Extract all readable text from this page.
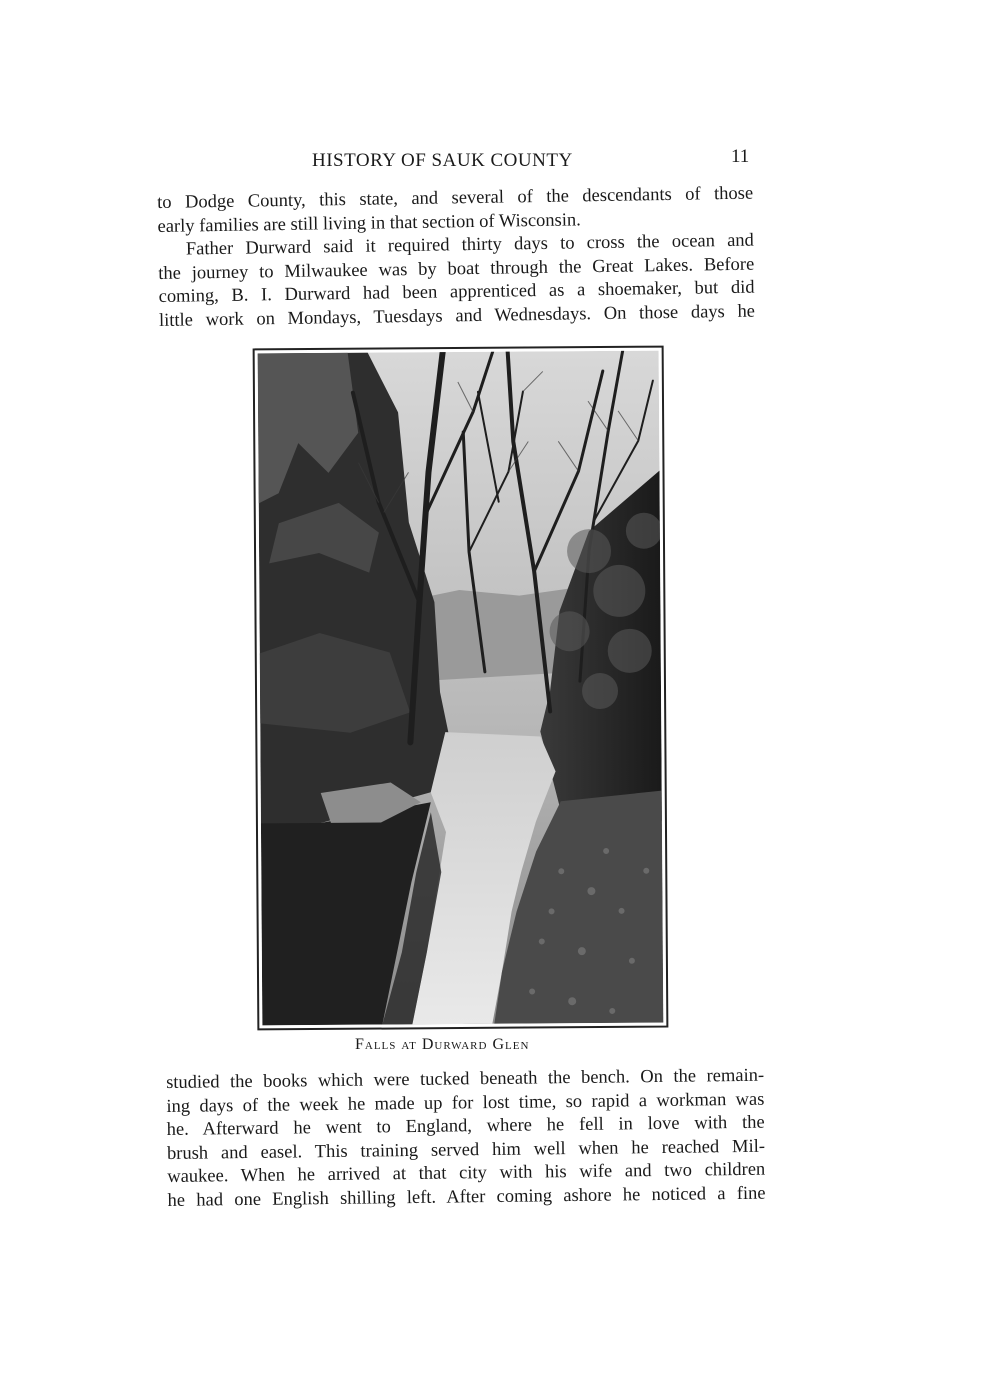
HISTORY OF SAUK COUNTY	11
to Dodge County, this state, and several of the descendants of those
early families are still living in that section of Wisconsin.
Father Durward said it required thirty days to cross the ocean and
the journey to Milwaukee was by boat through the Great Lakes. Before
coming, B. I. Durward had been apprenticed as a shoemaker, but did
little work on Mondays, Tuesdays and Wednesdays. On those days he
Falls at Durward Glen
studied the books which were tucked beneath the bench. On the remain-
ing days of the week he made up for lost time, so rapid a workman was
he. Afterward he went to England, where he fell in love with the
brush and easel. This training served him well when he reached Mil-
waukee. When he arrived at that city with his wife and two children
he had one English shilling left. After coming ashore he noticed a fine
